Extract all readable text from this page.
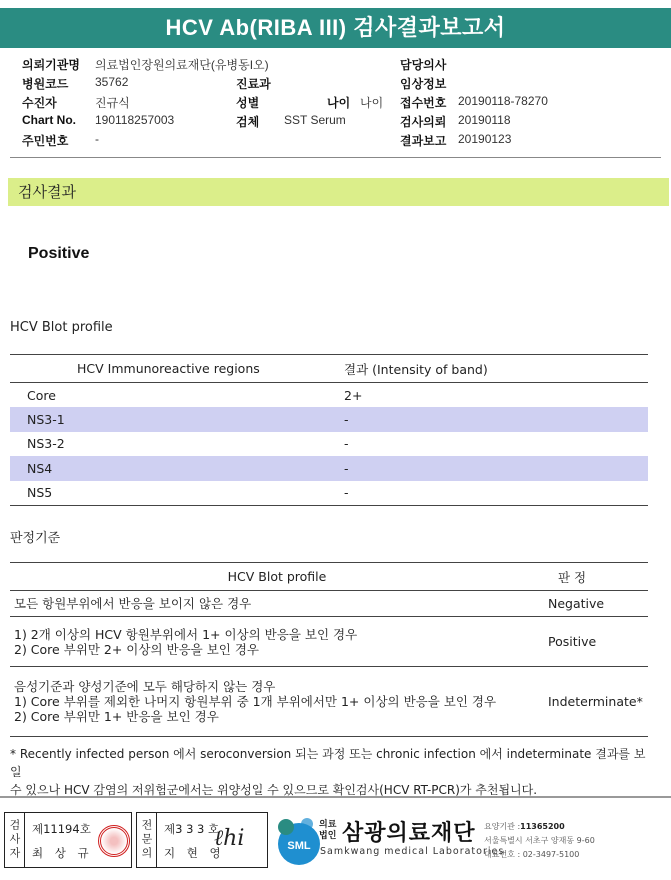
HCV Ab(RIBA III) 검사결과보고서
의뢰기관명 의료법인장원의료재단(유병동I오)	담당의사
병원코드 35762	진료과	임상정보
수진자	진규식	성별	나이 나이 접수번호 20190118-78270
Chart No. 190118257003	검체 SST Serum	검사의뢰 20190118
주민번호 -	결과보고 20190123
검사결과
Positive
HCV Blot profile
HCV Immunoreactive regions	결과 (Intensity of band)
Core	2+
NS3-1	-
NS3-2	-
NS4	-
NS5	-
판정기준
HCV Blot profile	판 정

모든 항원부위에서 반응을 보이지 않은 경우	Negative

1) 2개 이상의 HCV 항원부위에서 1+ 이상의 반응을 보인 경우
2) Core 부위만 2+ 이상의 반응을 보인 경우	Positive

음성기준과 양성기준에 모두 해당하지 않는 경우
1) Core 부위를 제외한 나머지 항원부위 중 1개 부위에서만 1+ 이상의 반응을 보인 경우
2) Core 부위만 1+ 반응을 보인 경우	Indeterminate*
* Recently infected person 에서 seroconversion 되는 과정 또는 chronic infection 에서 indeterminate 결과를 보일
수 있으나 HCV 감염의 저위험군에서는 위양성일 수 있으므로 확인검사(HCV RT-PCR)가 추천됩니다.
검사자 제11194호
최 상 규	전문의 제3 3 3 호
지 현 영
ℓhi	SML
의료 법인 삼광의료재단
Samkwang medical Laboratories
요양기관 :11365200
서울특별시 서초구 양재동 9-60
대표번호 : 02-3497-5100
